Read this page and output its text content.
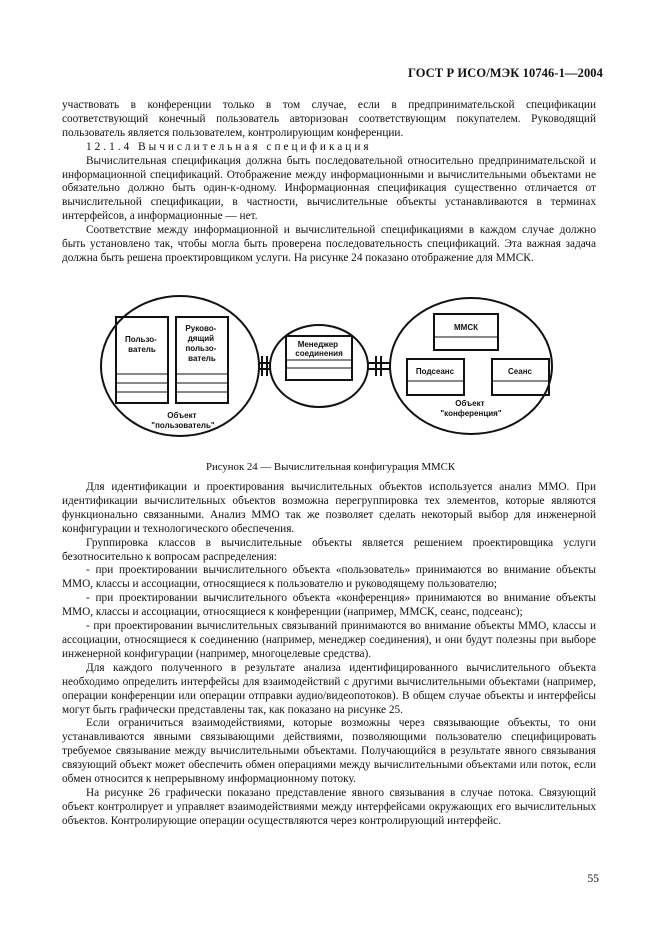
ГОСТ Р ИСО/МЭК 10746-1—2004

участвовать в конференции только в том случае, если в предпринимательской спецификации соответствующий конечный пользователь авторизован соответствующим покупателем. Руководящий пользователь является пользователем, контролирующим конференции.

12.1.4 Вычислительная спецификация

Вычислительная спецификация должна быть последовательной относительно предпринимательской и информационной спецификаций. Отображение между информационными и вычислительными объектами не обязательно должно быть один-к-одному. Информационная спецификация существенно отличается от вычислительной спецификации, в частности, вычислительные объекты устанавливаются в терминах интерфейсов, а информационные — нет.

Соответствие между информационной и вычислительной спецификациями в каждом случае должно быть установлено так, чтобы могла быть проверена последовательность спецификаций. Эта важная задача должна быть решена проектировщиком услуги. На рисунке 24 показано отображение для ММСК.

Пользо- ватель
Руково- дящий пользо- ватель
Объект "пользователь"
Менеджер соединения
ММСК
Подсеанс	Сеанс
Объект "конференция"
Рисунок 24 — Вычислительная конфигурация ММСК

Для идентификации и проектирования вычислительных объектов используется анализ ММО. При идентификации вычислительных объектов возможна перегруппировка тех элементов, которые являются функционально связанными. Анализ ММО так же позволяет сделать некоторый выбор для инженерной конфигурации и технологического обеспечения.

Группировка классов в вычислительные объекты является решением проектировщика услуги безотносительно к вопросам распределения:

- при проектировании вычислительного объекта «пользователь» принимаются во внимание объекты ММО, классы и ассоциации, относящиеся к пользователю и руководящему пользователю;

- при проектировании вычислительного объекта «конференция» принимаются во внимание объекты ММО, классы и ассоциации, относящиеся к конференции (например, ММСК, сеанс, подсеанс);

- при проектировании вычислительных связываний принимаются во внимание объекты ММО, классы и ассоциации, относящиеся к соединению (например, менеджер соединения), и они будут полезны при выборе инженерной конфигурации (например, многоцелевые средства).

Для каждого полученного в результате анализа идентифицированного вычислительного объекта необходимо определить интерфейсы для взаимодействий с другими вычислительными объектами (например, операции конференции или операции отправки аудио/видеопотоков). В общем случае объекты и интерфейсы могут быть графически представлены так, как показано на рисунке 25.

Если ограничиться взаимодействиями, которые возможны через связывающие объекты, то они устанавливаются явными связывающими действиями, позволяющими пользователю специфицировать требуемое связывание между вычислительными объектами. Получающийся в результате явного связывания связующий объект может обеспечить обмен операциями между вычислительными объектами или поток, если обмен относится к непрерывному информационному потоку.

На рисунке 26 графически показано представление явного связывания в случае потока. Связующий объект контролирует и управляет взаимодействиями между интерфейсами окружающих его вычислительных объектов. Контролирующие операции осуществляются через контролирующий интерфейс.

55
